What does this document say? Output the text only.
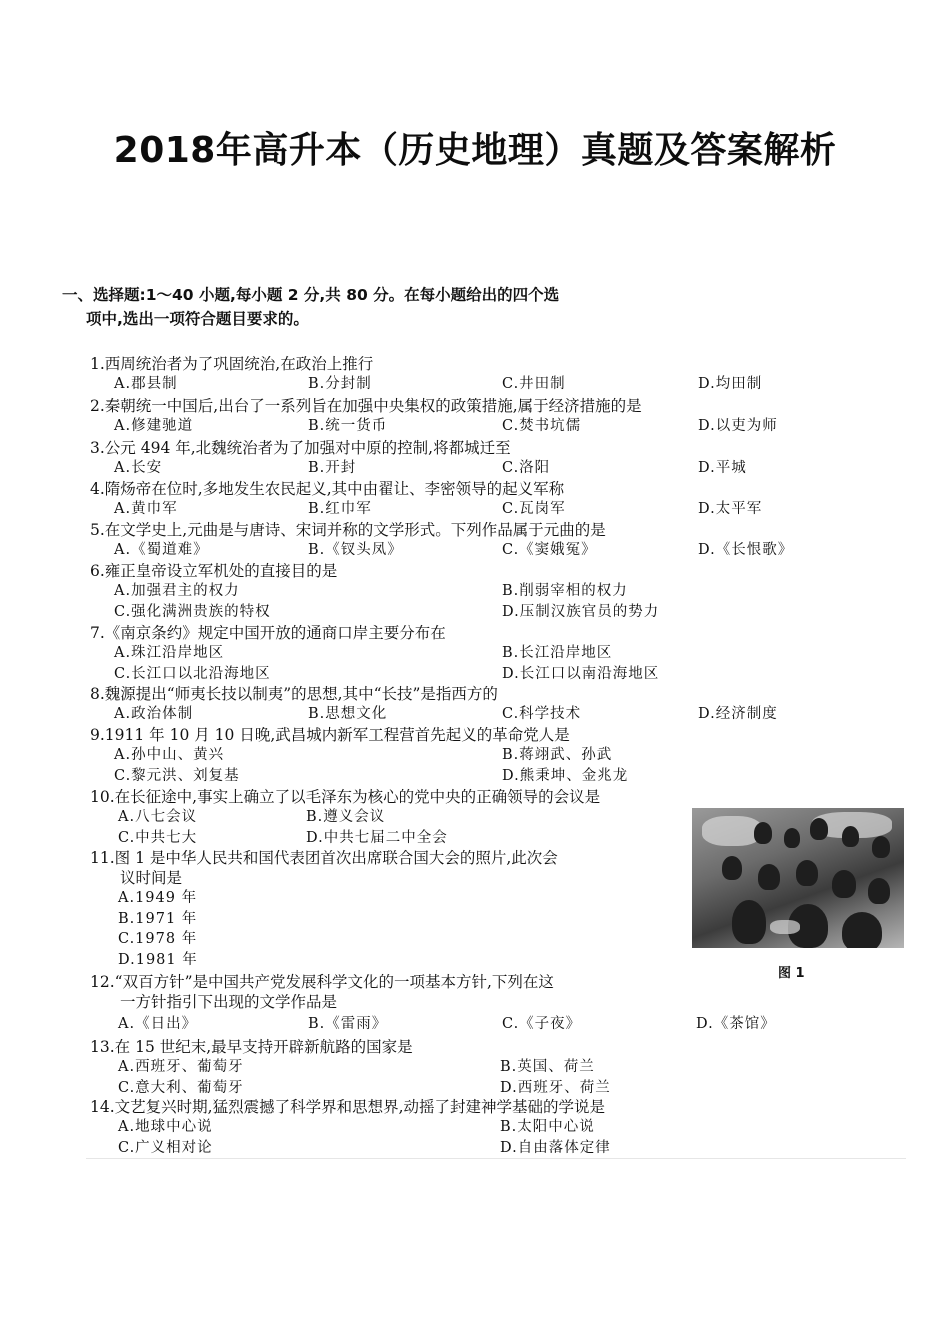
2018年高升本（历史地理）真题及答案解析
一、选择题:1～40 小题,每小题 2 分,共 80 分。在每小题给出的四个选
项中,选出一项符合题目要求的。
1.西周统治者为了巩固统治,在政治上推行
A.郡县制	B.分封制	C.井田制	D.均田制
2.秦朝统一中国后,出台了一系列旨在加强中央集权的政策措施,属于经济措施的是
A.修建驰道	B.统一货币	C.焚书坑儒	D.以吏为师
3.公元 494 年,北魏统治者为了加强对中原的控制,将都城迁至
A.长安	B.开封	C.洛阳	D.平城
4.隋炀帝在位时,多地发生农民起义,其中由翟让、李密领导的起义军称
A.黄巾军	B.红巾军	C.瓦岗军	D.太平军
5.在文学史上,元曲是与唐诗、宋词并称的文学形式。下列作品属于元曲的是
A.《蜀道难》	B.《钗头凤》	C.《窦娥冤》	D.《长恨歌》
6.雍正皇帝设立军机处的直接目的是
A.加强君主的权力	B.削弱宰相的权力
C.强化满洲贵族的特权	D.压制汉族官员的势力
7.《南京条约》规定中国开放的通商口岸主要分布在
A.珠江沿岸地区	B.长江沿岸地区
C.长江口以北沿海地区	D.长江口以南沿海地区
8.魏源提出“师夷长技以制夷”的思想,其中“长技”是指西方的
A.政治体制	B.思想文化	C.科学技术	D.经济制度
9.1911 年 10 月 10 日晚,武昌城内新军工程营首先起义的革命党人是
A.孙中山、黄兴	B.蒋翊武、孙武
C.黎元洪、刘复基	D.熊秉坤、金兆龙
10.在长征途中,事实上确立了以毛泽东为核心的党中央的正确领导的会议是
A.八七会议	B.遵义会议
C.中共七大	D.中共七届二中全会
11.图 1 是中华人民共和国代表团首次出席联合国大会的照片,此次会
议时间是
A.1949 年
B.1971 年
C.1978 年
D.1981 年
图 1
12.“双百方针”是中国共产党发展科学文化的一项基本方针,下列在这
一方针指引下出现的文学作品是
A.《日出》	B.《雷雨》	C.《子夜》	D.《茶馆》
13.在 15 世纪末,最早支持开辟新航路的国家是
A.西班牙、葡萄牙	B.英国、荷兰
C.意大利、葡萄牙	D.西班牙、荷兰
14.文艺复兴时期,猛烈震撼了科学界和思想界,动摇了封建神学基础的学说是
A.地球中心说	B.太阳中心说
C.广义相对论	D.自由落体定律
